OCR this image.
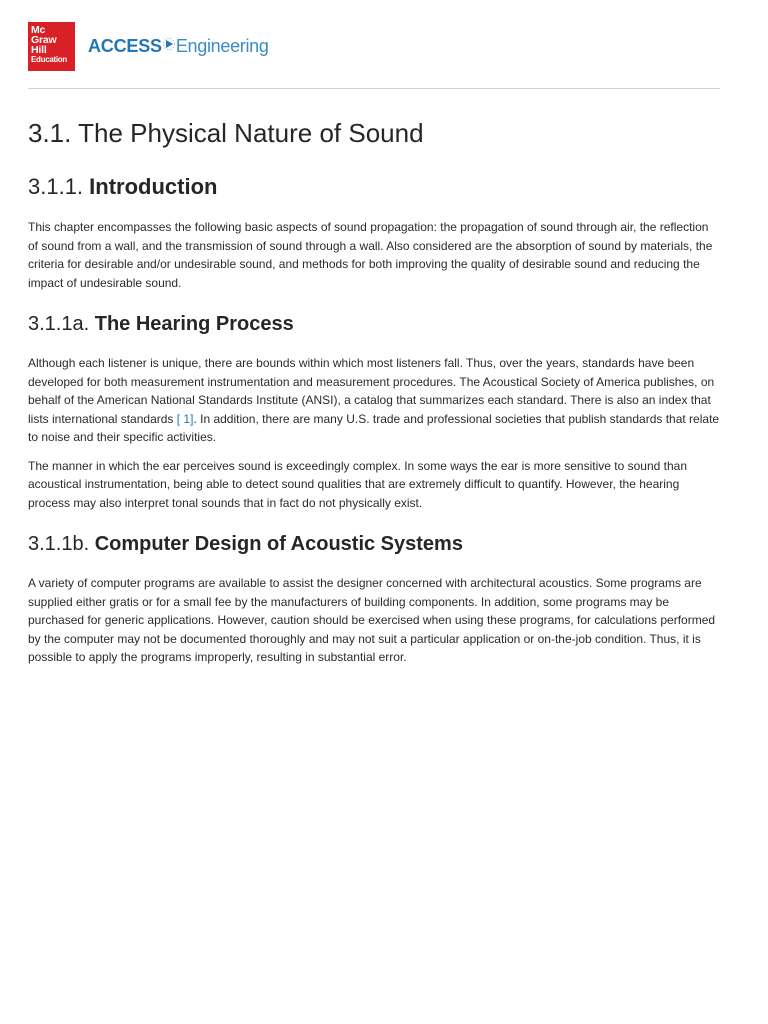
Mc
Graw
Hill
Education
ACCESS Engineering
3.1. The Physical Nature of Sound
3.1.1. Introduction

This chapter encompasses the following basic aspects of sound propagation: the propagation of sound through air, the reflection of sound from a wall, and the transmission of sound through a wall. Also considered are the absorption of sound by materials, the criteria for desirable and/or undesirable sound, and methods for both improving the quality of desirable sound and reducing the impact of undesirable sound.

3.1.1a. The Hearing Process

Although each listener is unique, there are bounds within which most listeners fall. Thus, over the years, standards have been developed for both measurement instrumentation and measurement procedures. The Acoustical Society of America publishes, on behalf of the American National Standards Institute (ANSI), a catalog that summarizes each standard. There is also an index that lists international standards [ 1]. In addition, there are many U.S. trade and professional societies that publish standards that relate to noise and their specific activities.

The manner in which the ear perceives sound is exceedingly complex. In some ways the ear is more sensitive to sound than acoustical instrumentation, being able to detect sound qualities that are extremely difficult to quantify. However, the hearing process may also interpret tonal sounds that in fact do not physically exist.

3.1.1b. Computer Design of Acoustic Systems

A variety of computer programs are available to assist the designer concerned with architectural acoustics. Some programs are supplied either gratis or for a small fee by the manufacturers of building components. In addition, some programs may be purchased for generic applications. However, caution should be exercised when using these programs, for calculations performed by the computer may not be documented thoroughly and may not suit a particular application or on-the-job condition. Thus, it is possible to apply the programs improperly, resulting in substantial error.
